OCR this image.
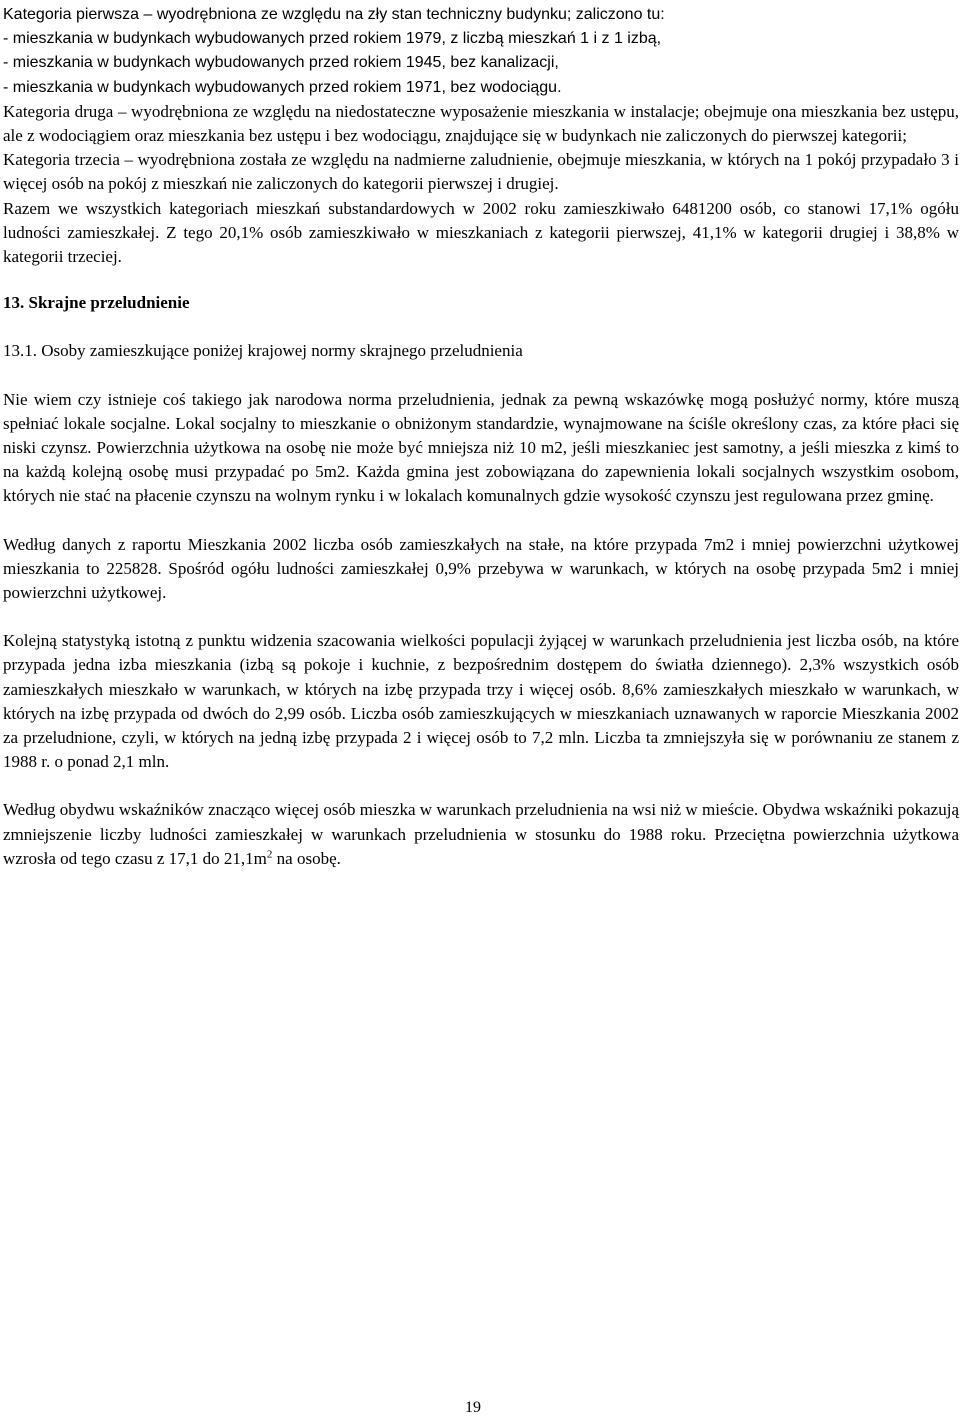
Kategoria pierwsza – wyodrębniona ze względu na zły stan techniczny budynku; zaliczono tu:

- mieszkania w budynkach wybudowanych przed rokiem 1979, z liczbą mieszkań 1 i z 1 izbą,

- mieszkania w budynkach wybudowanych przed rokiem 1945, bez kanalizacji,

- mieszkania w budynkach wybudowanych przed rokiem 1971, bez wodociągu.

Kategoria druga – wyodrębniona ze względu na niedostateczne wyposażenie mieszkania w instalacje; obejmuje ona mieszkania bez ustępu, ale z wodociągiem oraz mieszkania bez ustępu i bez wodociągu, znajdujące się w budynkach nie zaliczonych do pierwszej kategorii;

Kategoria trzecia – wyodrębniona została ze względu na nadmierne zaludnienie, obejmuje mieszkania, w których na 1 pokój przypadało 3 i więcej osób na pokój z mieszkań nie zaliczonych do kategorii pierwszej i drugiej.

Razem we wszystkich kategoriach mieszkań substandardowych w 2002 roku zamieszkiwało 6481200 osób, co stanowi 17,1% ogółu ludności zamieszkałej. Z tego 20,1% osób zamieszkiwało w mieszkaniach z kategorii pierwszej, 41,1% w kategorii drugiej i 38,8% w kategorii trzeciej.

13. Skrajne przeludnienie
13.1. Osoby zamieszkujące poniżej krajowej normy skrajnego przeludnienia

Nie wiem czy istnieje coś takiego jak narodowa norma przeludnienia, jednak za pewną wskazówkę mogą posłużyć normy, które muszą spełniać lokale socjalne. Lokal socjalny to mieszkanie o obniżonym standardzie, wynajmowane na ściśle określony czas, za które płaci się niski czynsz. Powierzchnia użytkowa na osobę nie może być mniejsza niż 10 m2, jeśli mieszkaniec jest samotny, a jeśli mieszka z kimś to na każdą kolejną osobę musi przypadać po 5m2. Każda gmina jest zobowiązana do zapewnienia lokali socjalnych wszystkim osobom, których nie stać na płacenie czynszu na wolnym rynku i w lokalach komunalnych gdzie wysokość czynszu jest regulowana przez gminę.

Według danych z raportu Mieszkania 2002 liczba osób zamieszkałych na stałe, na które przypada 7m2 i mniej powierzchni użytkowej mieszkania to 225828. Spośród ogółu ludności zamieszkałej 0,9% przebywa w warunkach, w których na osobę przypada 5m2 i mniej powierzchni użytkowej.

Kolejną statystyką istotną z punktu widzenia szacowania wielkości populacji żyjącej w warunkach przeludnienia jest liczba osób, na które przypada jedna izba mieszkania (izbą są pokoje i kuchnie, z bezpośrednim dostępem do światła dziennego). 2,3% wszystkich osób zamieszkałych mieszkało w warunkach, w których na izbę przypada trzy i więcej osób. 8,6% zamieszkałych mieszkało w warunkach, w których na izbę przypada od dwóch do 2,99 osób. Liczba osób zamieszkujących w mieszkaniach uznawanych w raporcie Mieszkania 2002 za przeludnione, czyli, w których na jedną izbę przypada 2 i więcej osób to 7,2 mln. Liczba ta zmniejszyła się w porównaniu ze stanem z 1988 r. o ponad 2,1 mln.

Według obydwu wskaźników znacząco więcej osób mieszka w warunkach przeludnienia na wsi niż w mieście. Obydwa wskaźniki pokazują zmniejszenie liczby ludności zamieszkałej w warunkach przeludnienia w stosunku do 1988 roku. Przeciętna powierzchnia użytkowa wzrosła od tego czasu z 17,1 do $21,1m^2$ na osobę.

19
